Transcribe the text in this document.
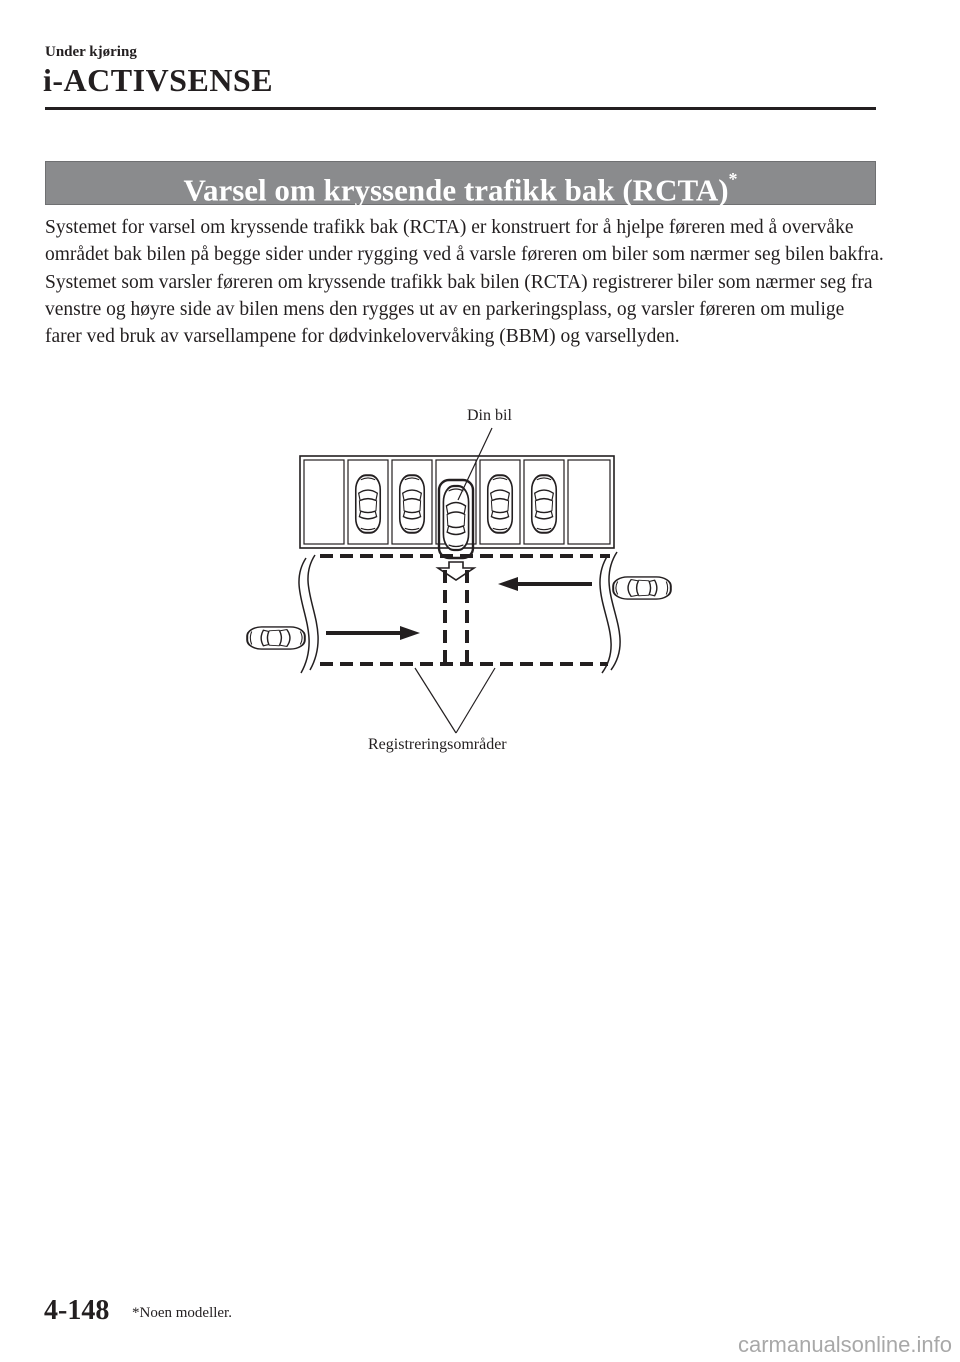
Under kjøring
i-ACTIVSENSE
Varsel om kryssende trafikk bak (RCTA)*

Systemet for varsel om kryssende trafikk bak (RCTA) er konstruert for å hjelpe føreren med å overvåke området bak bilen på begge sider under rygging ved å varsle føreren om biler som nærmer seg bilen bakfra.

Systemet som varsler føreren om kryssende trafikk bak bilen (RCTA) registrerer biler som nærmer seg fra venstre og høyre side av bilen mens den rygges ut av en parkeringsplass, og varsler føreren om mulige farer ved bruk av varsellampene for dødvinkelovervåking (BBM) og varsellyden.

Din bil
Registreringsområder
4-148 *Noen modeller.
carmanualsonline.info
